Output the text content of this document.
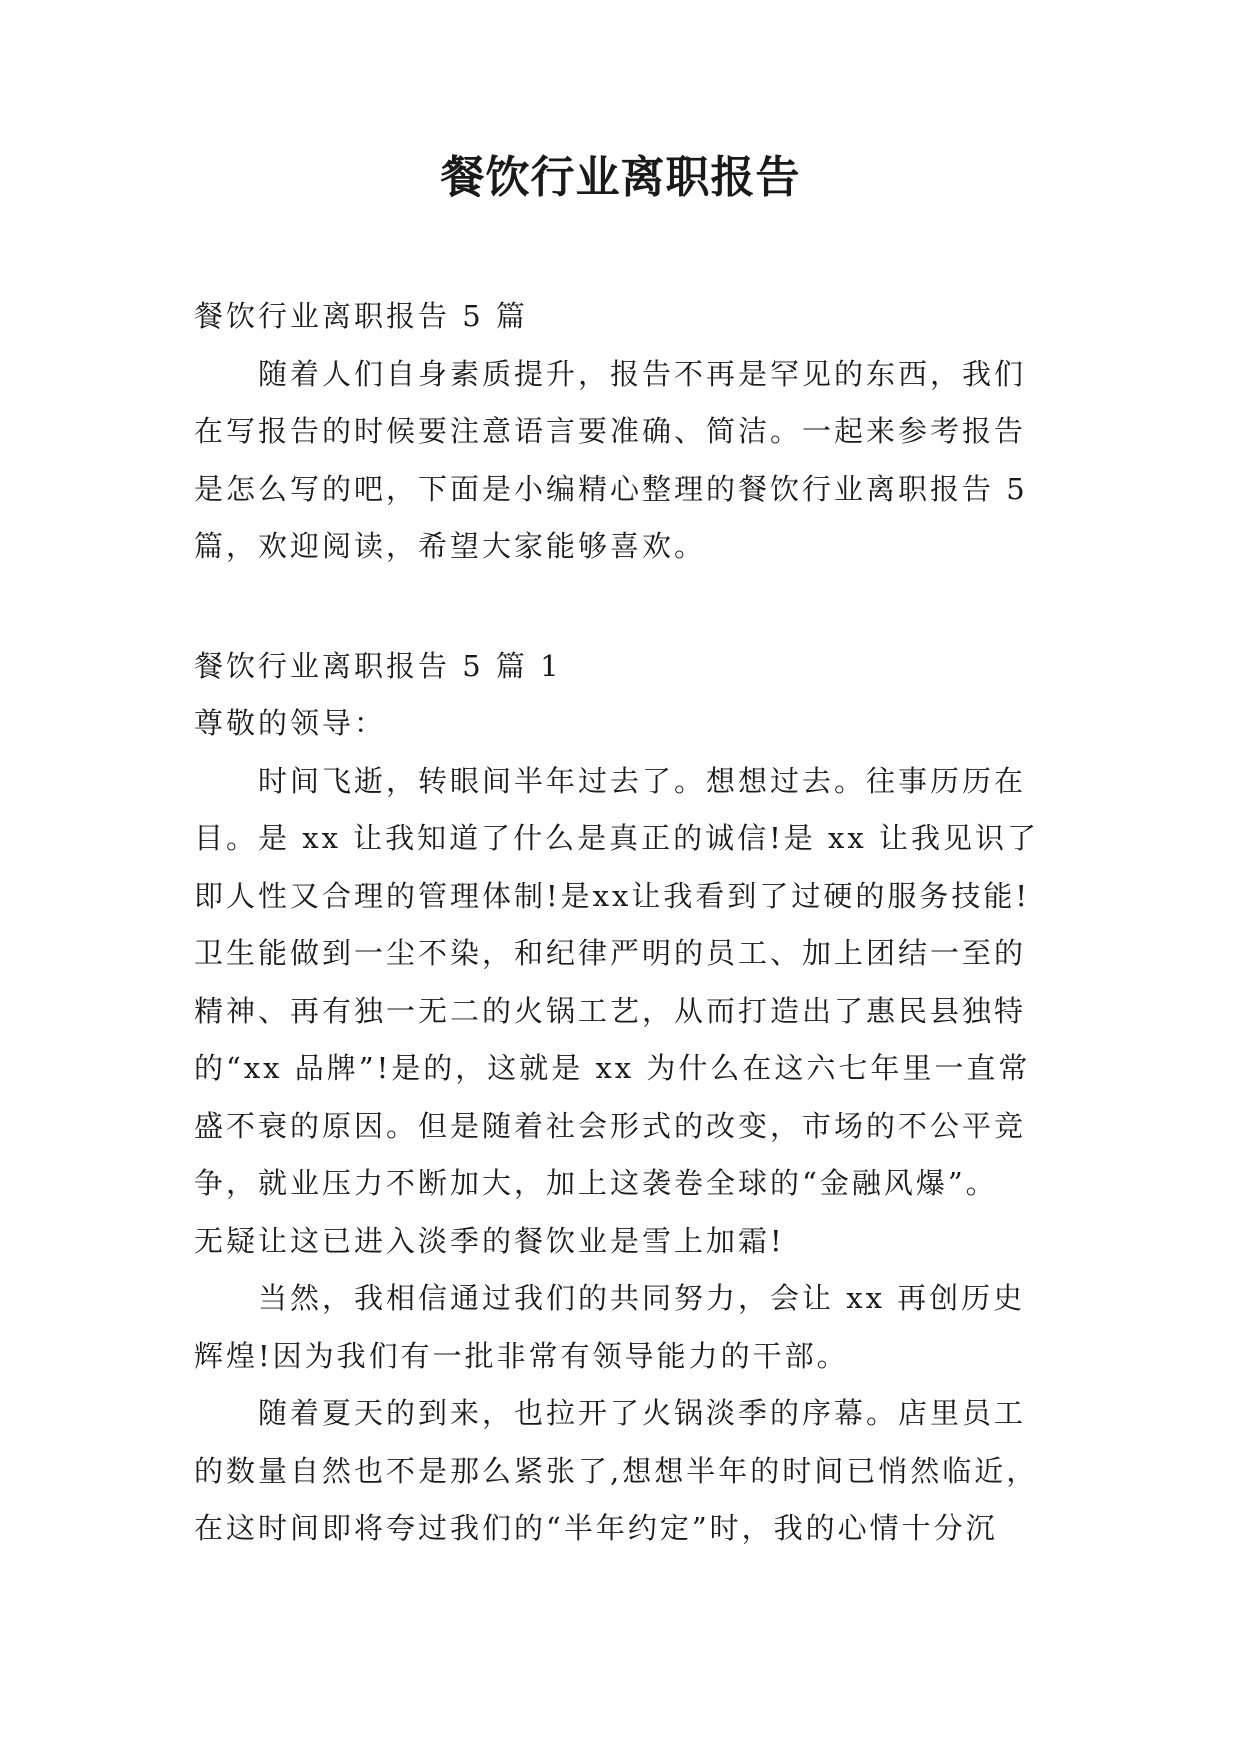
餐饮行业离职报告

餐饮行业离职报告 5 篇

随着人们自身素质提升，报告不再是罕见的东西，我们

在写报告的时候要注意语言要准确、简洁。一起来参考报告

是怎么写的吧，下面是小编精心整理的餐饮行业离职报告 5

篇，欢迎阅读，希望大家能够喜欢。

餐饮行业离职报告 5 篇 1

尊敬的领导：

时间飞逝，转眼间半年过去了。想想过去。往事历历在

目。是 xx 让我知道了什么是真正的诚信!是 xx 让我见识了

即人性又合理的管理体制!是xx让我看到了过硬的服务技能!

卫生能做到一尘不染，和纪律严明的员工、加上团结一至的

精神、再有独一无二的火锅工艺，从而打造出了惠民县独特

的“xx 品牌”!是的，这就是 xx 为什么在这六七年里一直常

盛不衰的原因。但是随着社会形式的改变，市场的不公平竞

争，就业压力不断加大，加上这袭卷全球的“金融风爆”。

无疑让这已进入淡季的餐饮业是雪上加霜!

当然，我相信通过我们的共同努力，会让 xx 再创历史

辉煌!因为我们有一批非常有领导能力的干部。

随着夏天的到来，也拉开了火锅淡季的序幕。店里员工

的数量自然也不是那么紧张了,想想半年的时间已悄然临近，

在这时间即将夸过我们的“半年约定”时，我的心情十分沉
